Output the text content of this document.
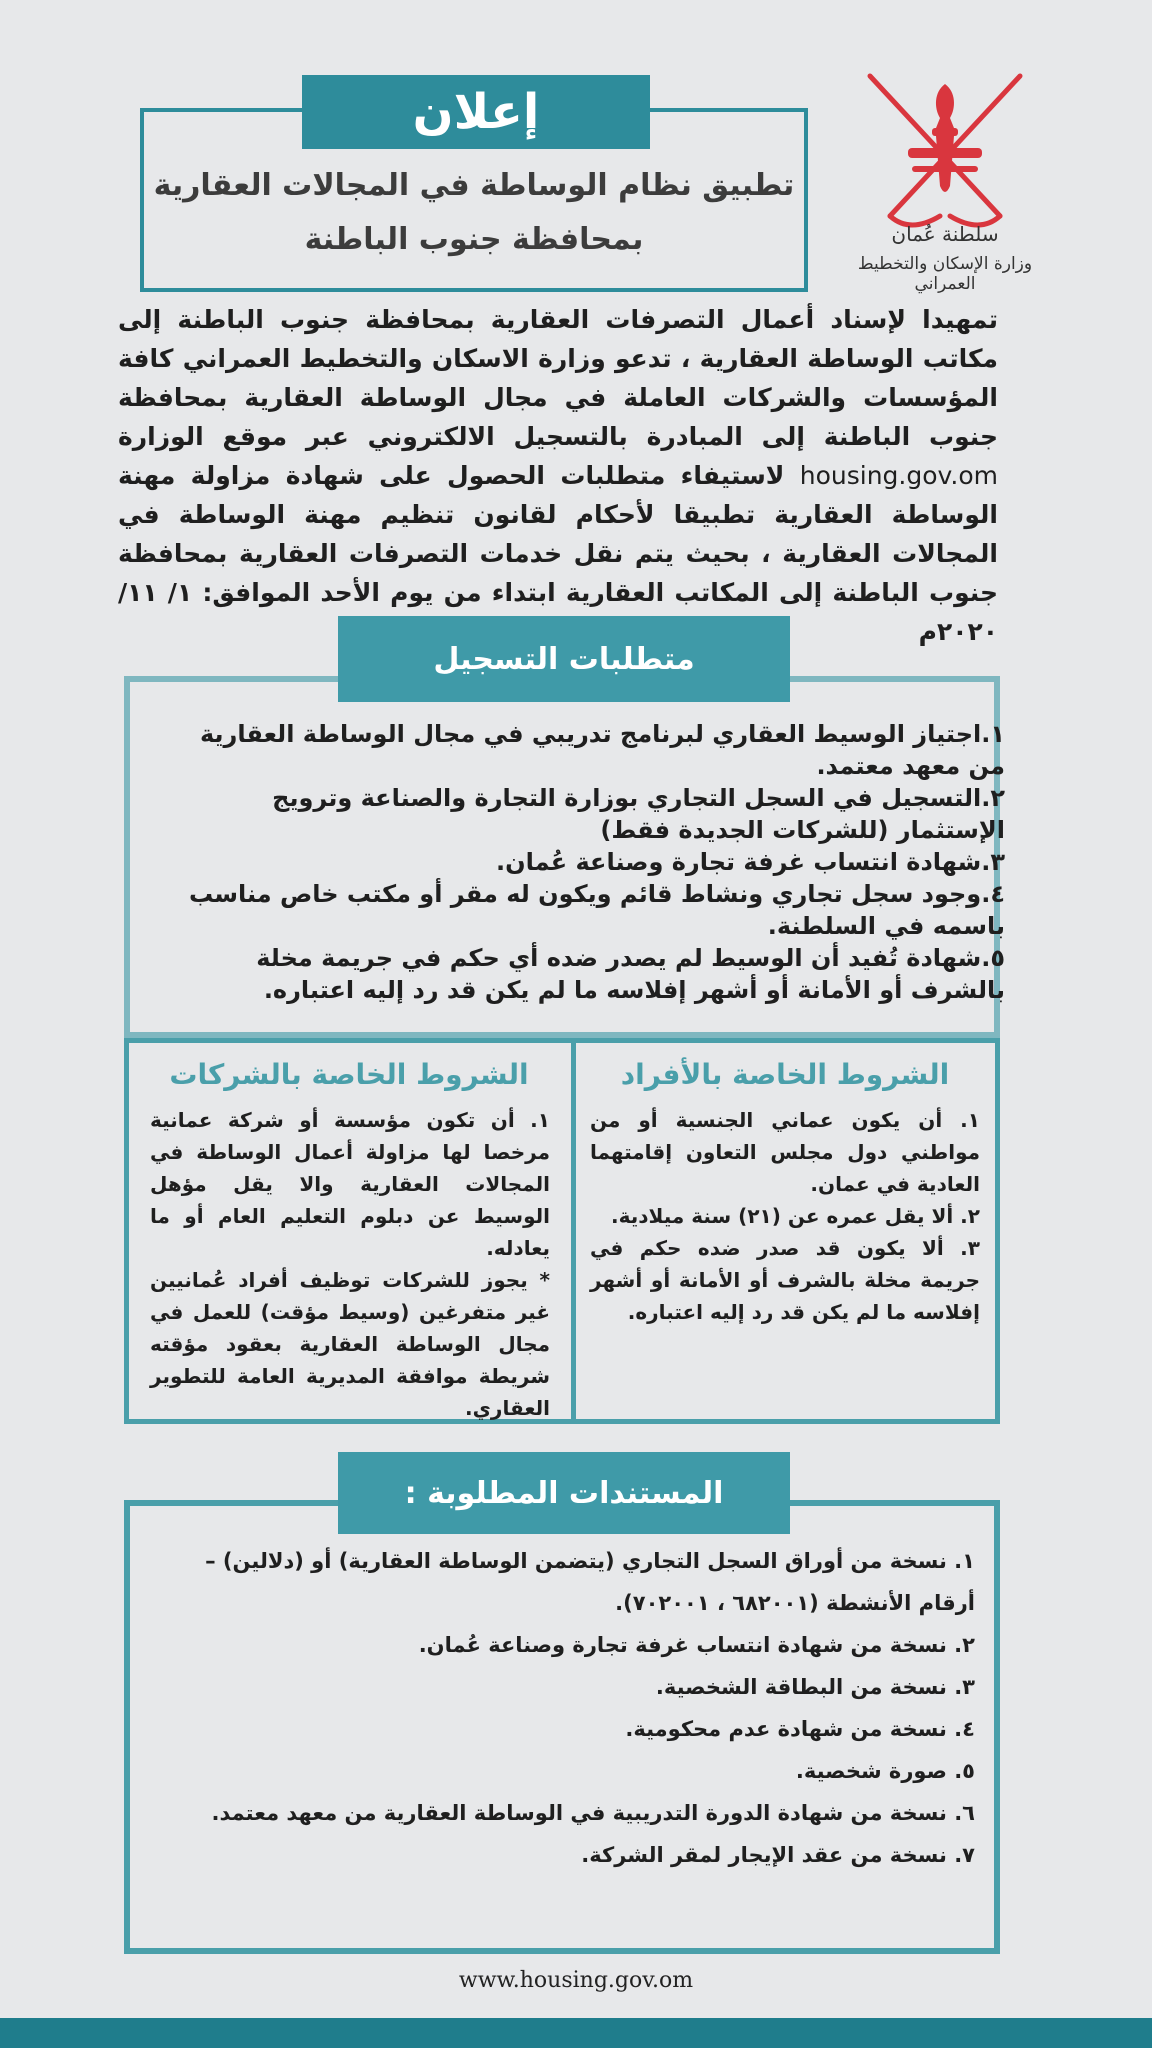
تطبيق نظام الوساطة في المجالات العقارية
بمحافظة جنوب الباطنة
إعلان
سلطنة عُمان
وزارة الإسكان والتخطيط العمراني
تمهيدا لإسناد أعمال التصرفات العقارية بمحافظة جنوب الباطنة إلى مكاتب الوساطة العقارية ، تدعو وزارة الاسكان والتخطيط العمراني كافة المؤسسات والشركات العاملة في مجال الوساطة العقارية بمحافظة جنوب الباطنة إلى المبادرة بالتسجيل الالكتروني عبر موقع الوزارة housing.gov.om لاستيفاء متطلبات الحصول على شهادة مزاولة مهنة الوساطة العقارية تطبيقا لأحكام لقانون تنظيم مهنة الوساطة في المجالات العقارية ، بحيث يتم نقل خدمات التصرفات العقارية بمحافظة جنوب الباطنة إلى المكاتب العقارية ابتداء من يوم الأحد الموافق: ١/ ١١/ ٢٠٢٠م
متطلبات التسجيل
١.اجتياز الوسيط العقاري لبرنامج تدريبي في مجال الوساطة العقارية من معهد معتمد.
٢.التسجيل في السجل التجاري بوزارة التجارة والصناعة وترويج الإستثمار (للشركات الجديدة فقط)
٣.شهادة انتساب غرفة تجارة وصناعة عُمان.
٤.وجود سجل تجاري ونشاط قائم ويكون له مقر أو مكتب خاص مناسب باسمه في السلطنة.
٥.شهادة تُفيد أن الوسيط لم يصدر ضده أي حكم في جريمة مخلة بالشرف أو الأمانة أو أشهر إفلاسه ما لم يكن قد رد إليه اعتباره.
الشروط الخاصة بالأفراد

١. أن يكون عماني الجنسية أو من مواطني دول مجلس التعاون إقامتهما العادية في عمان.

٢. ألا يقل عمره عن (٢١) سنة ميلادية.

٣. ألا يكون قد صدر ضده حكم في جريمة مخلة بالشرف أو الأمانة أو أشهر إفلاسه ما لم يكن قد رد إليه اعتباره.

الشروط الخاصة بالشركات

١. أن تكون مؤسسة أو شركة عمانية مرخصا لها مزاولة أعمال الوساطة في المجالات العقارية والا يقل مؤهل الوسيط عن دبلوم التعليم العام أو ما يعادله.

* يجوز للشركات توظيف أفراد عُمانيين غير متفرغين (وسيط مؤقت) للعمل في مجال الوساطة العقارية بعقود مؤقته شريطة موافقة المديرية العامة للتطوير العقاري.

المستندات المطلوبة :
١. نسخة من أوراق السجل التجاري (يتضمن الوساطة العقارية) أو (دلالين) – أرقام الأنشطة (٦٨٢٠٠١ ، ٧٠٢٠٠١).
٢. نسخة من شهادة انتساب غرفة تجارة وصناعة عُمان.
٣. نسخة من البطاقة الشخصية.
٤. نسخة من شهادة عدم محكومية.
٥. صورة شخصية.
٦. نسخة من شهادة الدورة التدريبية في الوساطة العقارية من معهد معتمد.
٧. نسخة من عقد الإيجار لمقر الشركة.
www.housing.gov.om
